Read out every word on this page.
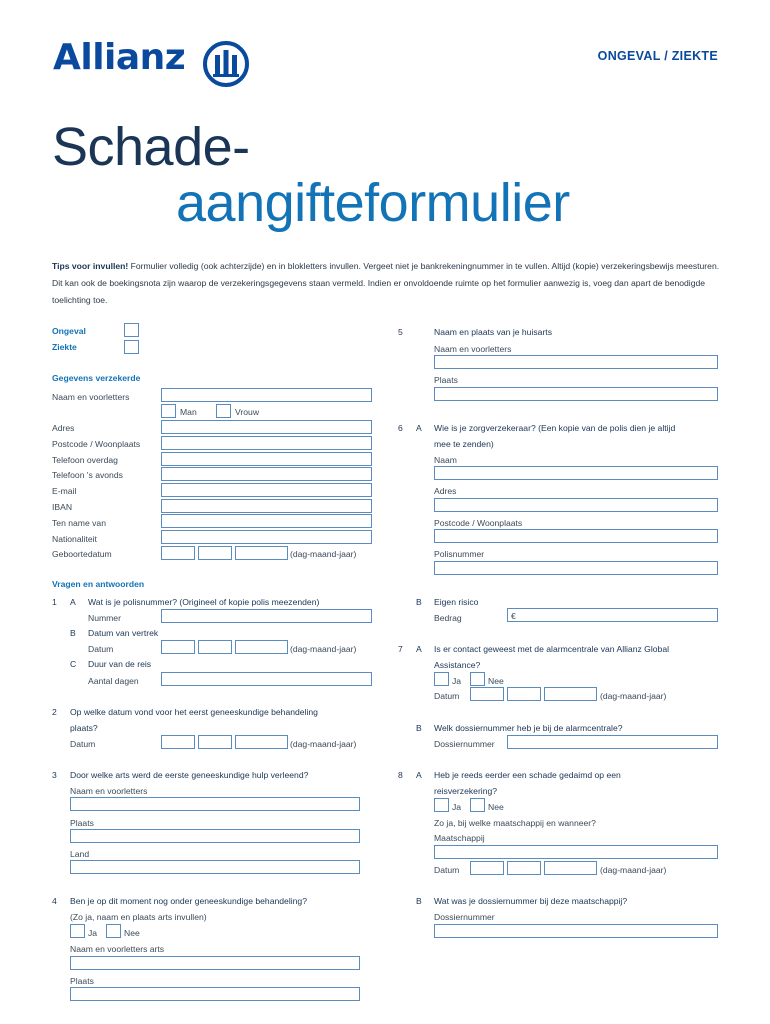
Allianz	ONGEVAL / ZIEKTE
Schade-
aangifteformulier
Tips voor invullen! Formulier volledig (ook achterzijde) en in blokletters invullen. Vergeet niet je bankrekeningnummer in te vullen. Altijd (kopie) verzekeringsbewijs meesturen. Dit kan ook de boekingsnota zijn waarop de verzekeringsgegevens staan vermeld. Indien er onvoldoende ruimte op het formulier aanwezig is, voeg dan apart de benodigde toelichting toe.
Ongeval
Ziekte
Gegevens verzekerde
Naam en voorletters
Man	Vrouw
Adres
Postcode / Woonplaats
Telefoon overdag
Telefoon 's avonds
E-mail
IBAN
Ten name van
Nationaliteit
Geboortedatum	(dag-maand-jaar)
Vragen en antwoorden
1 A Wat is je polisnummer? (Origineel of kopie polis meezenden)
Nummer
B Datum van vertrek
Datum	(dag-maand-jaar)
C Duur van de reis
Aantal dagen
2 Op welke datum vond voor het eerst geneeskundige behandeling
plaats?
Datum	(dag-maand-jaar)
3 Door welke arts werd de eerste geneeskundige hulp verleend?
Naam en voorletters
Plaats
Land
4 Ben je op dit moment nog onder geneeskundige behandeling?
(Zo ja, naam en plaats arts invullen)
Ja	Nee
Naam en voorletters arts
Plaats
5	Naam en plaats van je huisarts
Naam en voorletters
Plaats
6 A Wie is je zorgverzekeraar? (Een kopie van de polis dien je altijd
mee te zenden)
Naam
Adres
Postcode / Woonplaats
Polisnummer
B Eigen risico
Bedrag	€
7 A Is er contact geweest met de alarmcentrale van Allianz Global
Assistance?
Ja	Nee
Datum	(dag-maand-jaar)
B Welk dossiernummer heb je bij de alarmcentrale?
Dossiernummer
8 A Heb je reeds eerder een schade gedaimd op een
reisverzekering?
Ja	Nee
Zo ja, bij welke maatschappij en wanneer?
Maatschappij
Datum	(dag-maand-jaar)
B Wat was je dossiernummer bij deze maatschappij?
Dossiernummer
